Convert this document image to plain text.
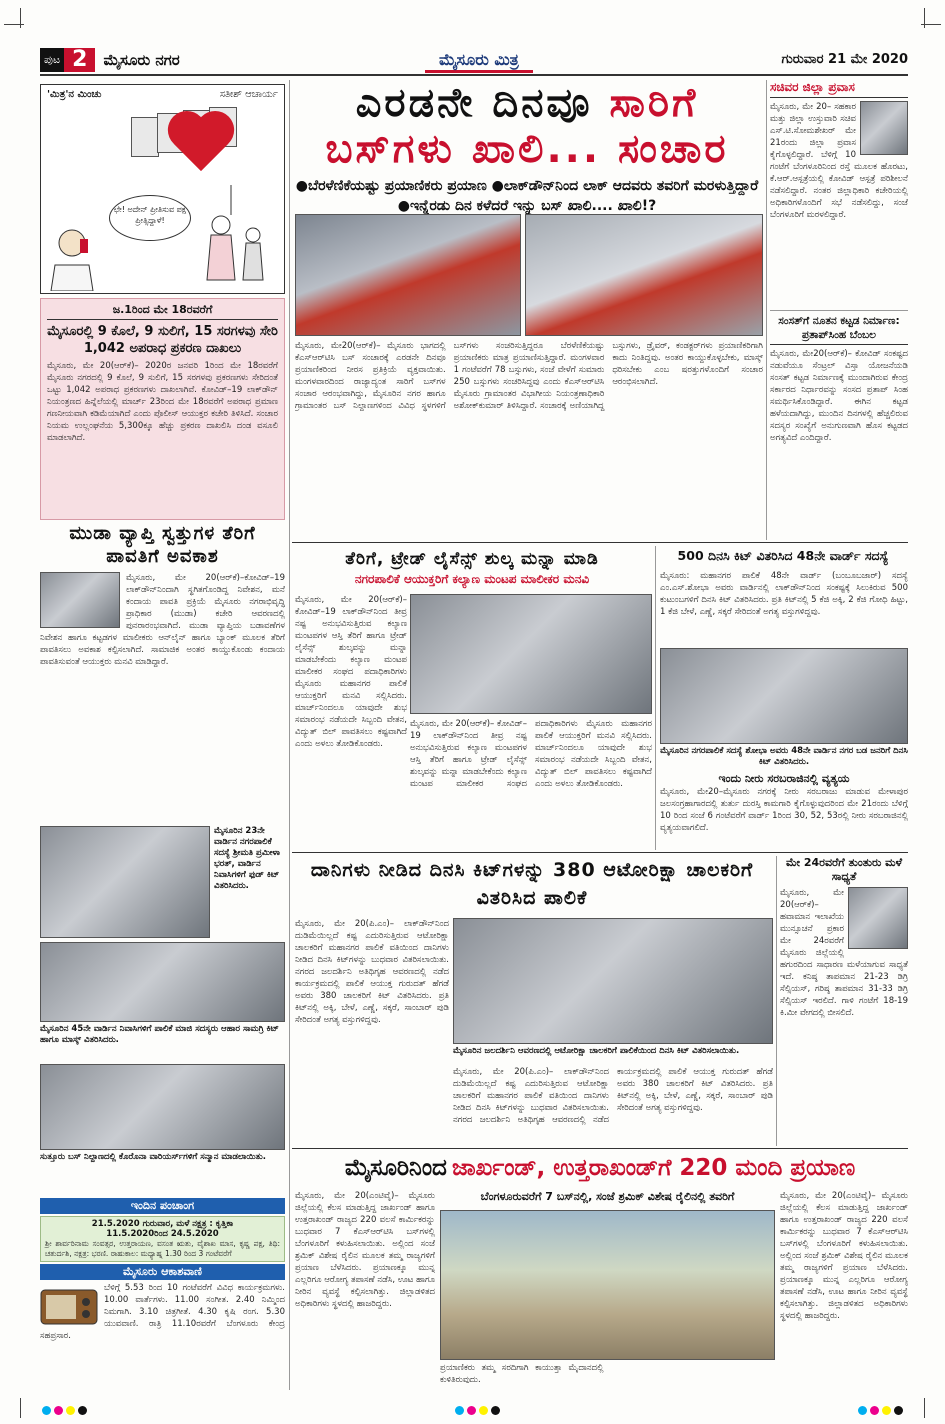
ಪುಟ 2	ಮೈಸೂರು ನಗರ	ಮೈಸೂರು ಮಿತ್ರ	ಗುರುವಾರ 21 ಮೇ 2020
'ಮಿತ್ರ'ನ ಮಿಂಚು	ಸತೀಶ್ ಆಚಾರ್ಯ
ಛೇ! ಅದೇನ್ ಪ್ರೀತಿಸುವ ಪಕ್ಷ ಪ್ರೀತ್ಸಿದ್ದಾಳೆ!
ಜ.1ರಿಂದ ಮೇ 18ರವರೆಗೆ
ಮೈಸೂರಲ್ಲಿ 9 ಕೊಲೆ, 9 ಸುಲಿಗೆ, 15 ಸರಗಳವು ಸೇರಿ 1,042 ಅಪರಾಧ ಪ್ರಕರಣ ದಾಖಲು
ಮೈಸೂರು, ಮೇ 20(ಆರ್‌ಕೆ)– 2020ರ ಜನವರಿ 1ರಿಂದ ಮೇ 18ರವರೆಗೆ ಮೈಸೂರು ನಗರದಲ್ಲಿ 9 ಕೊಲೆ, 9 ಸುಲಿಗೆ, 15 ಸರಗಳವು ಪ್ರಕರಣಗಳು ಸೇರಿದಂತೆ ಒಟ್ಟು 1,042 ಅಪರಾಧ ಪ್ರಕರಣಗಳು ದಾಖಲಾಗಿವೆ. ಕೋವಿಡ್–19 ಲಾಕ್‌ಡೌನ್ ನಿಯಂತ್ರಣದ ಹಿನ್ನೆಲೆಯಲ್ಲಿ ಮಾರ್ಚ್ 23ರಿಂದ ಮೇ 18ರವರೆಗೆ ಅಪರಾಧ ಪ್ರಮಾಣ ಗಣನೀಯವಾಗಿ ಕಡಿಮೆಯಾಗಿದೆ ಎಂದು ಪೊಲೀಸ್ ಆಯುಕ್ತರ ಕಚೇರಿ ತಿಳಿಸಿದೆ. ಸಂಚಾರ ನಿಯಮ ಉಲ್ಲಂಘನೆಯ 5,300ಕ್ಕೂ ಹೆಚ್ಚು ಪ್ರಕರಣ ದಾಖಲಿಸಿ ದಂಡ ವಸೂಲಿ ಮಾಡಲಾಗಿದೆ.
ಮುಡಾ ವ್ಯಾಪ್ತಿ ಸ್ವತ್ತುಗಳ ತೆರಿಗೆ ಪಾವತಿಗೆ ಅವಕಾಶ
ಮೈಸೂರು, ಮೇ 20(ಆರ್‌ಕೆ)–ಕೋವಿಡ್–19 ಲಾಕ್‌ಡೌನ್‌ನಿಂದಾಗಿ ಸ್ಥಗಿತಗೊಂಡಿದ್ದ ನಿವೇಶನ, ಮನೆ ಕಂದಾಯ ಪಾವತಿ ಪ್ರಕ್ರಿಯೆ ಮೈಸೂರು ನಗರಾಭಿವೃದ್ಧಿ ಪ್ರಾಧಿಕಾರ (ಮುಡಾ) ಕಚೇರಿ ಆವರಣದಲ್ಲಿ ಪುನರಾರಂಭವಾಗಿದೆ. ಮುಡಾ ವ್ಯಾಪ್ತಿಯ ಬಡಾವಣೆಗಳ ನಿವೇಶನ ಹಾಗೂ ಕಟ್ಟಡಗಳ ಮಾಲೀಕರು ಆನ್‌ಲೈನ್ ಹಾಗೂ ಬ್ಯಾಂಕ್ ಮೂಲಕ ತೆರಿಗೆ ಪಾವತಿಸಲು ಅವಕಾಶ ಕಲ್ಪಿಸಲಾಗಿದೆ. ಸಾಮಾಜಿಕ ಅಂತರ ಕಾಯ್ದುಕೊಂಡು ಕಂದಾಯ ಪಾವತಿಸುವಂತೆ ಆಯುಕ್ತರು ಮನವಿ ಮಾಡಿದ್ದಾರೆ.
ಮೈಸೂರಿನ 23ನೇ ವಾರ್ಡಿನ ನಗರಪಾಲಿಕೆ ಸದಸ್ಯೆ ಶ್ರೀಮತಿ ಪ್ರಮೀಳಾ ಭರತ್, ವಾರ್ಡಿನ ನಿವಾಸಿಗಳಿಗೆ ಫುಡ್ ಕಿಟ್ ವಿತರಿಸಿದರು.
ಮೈಸೂರಿನ 45ನೇ ವಾರ್ಡಿನ ನಿವಾಸಿಗಳಿಗೆ ಪಾಲಿಕೆ ಮಾಜಿ ಸದಸ್ಯರು ಆಹಾರ ಸಾಮಗ್ರಿ ಕಿಟ್ ಹಾಗೂ ಮಾಸ್ಕ್ ವಿತರಿಸಿದರು.
ಸುತ್ತೂರು ಬಸ್ ನಿಲ್ದಾಣದಲ್ಲಿ ಕೊರೊನಾ ವಾರಿಯರ್ಸ್‌ಗಳಿಗೆ ಸನ್ಮಾನ ಮಾಡಲಾಯಿತು.
ಇಂದಿನ ಪಂಚಾಂಗ
21.5.2020 ಗುರುವಾರ, ಮಳೆ ನಕ್ಷತ್ರ : ಕೃತ್ತಿಕಾ
11.5.2020ರಿಂದ 24.5.2020
ಶ್ರೀ ಶಾರ್ವರಿನಾಮ ಸಂವತ್ಸರ, ಉತ್ತರಾಯಣ, ವಸಂತ ಋತು, ವೈಶಾಖ ಮಾಸ, ಕೃಷ್ಣ ಪಕ್ಷ, ತಿಥಿ: ಚತುರ್ದಶಿ, ನಕ್ಷತ್ರ: ಭರಣಿ. ರಾಹುಕಾಲ: ಮಧ್ಯಾಹ್ನ 1.30 ರಿಂದ 3 ಗಂಟೆವರೆಗೆ
ಮೈಸೂರು ಆಕಾಶವಾಣಿ
ಬೆಳಿಗ್ಗೆ 5.53 ರಿಂದ 10 ಗಂಟೆವರೆಗೆ ವಿವಿಧ ಕಾರ್ಯಕ್ರಮಗಳು. 10.00 ವಾರ್ತೆಗಳು. 11.00 ಸಂಗೀತ. 2.40 ನಿಮ್ಮಿಂದ ನಿಮಗಾಗಿ. 3.10 ಚಿತ್ರಗೀತೆ. 4.30 ಕೃಷಿ ರಂಗ. 5.30 ಯುವವಾಣಿ. ರಾತ್ರಿ 11.10ರವರೆಗೆ ಬೆಂಗಳೂರು ಕೇಂದ್ರ ಸಹಪ್ರಸಾರ.
ಎರಡನೇ ದಿನವೂ ಸಾರಿಗೆ
ಬಸ್‌ಗಳು ಖಾಲಿ... ಸಂಚಾರ
●ಬೆರಳೆಣಿಕೆಯಷ್ಟು ಪ್ರಯಾಣಿಕರು ಪ್ರಯಾಣ ●ಲಾಕ್‌ಡೌನ್‌ನಿಂದ ಲಾಕ್ ಆದವರು ತವರಿಗೆ ಮರಳುತ್ತಿದ್ದಾರೆ ●ಇನ್ನೆರಡು ದಿನ ಕಳೆದರೆ ಇನ್ನು ಬಸ್ ಖಾಲಿ.... ಖಾಲಿ!?
ಮೈಸೂರು, ಮೇ20(ಆರ್‌ಕೆ)– ಮೈಸೂರು ಭಾಗದಲ್ಲಿ ಕೆಎಸ್‌ಆರ್‌ಟಿಸಿ ಬಸ್ ಸಂಚಾರಕ್ಕೆ ಎರಡನೇ ದಿನವೂ ಪ್ರಯಾಣಿಕರಿಂದ ನೀರಸ ಪ್ರತಿಕ್ರಿಯೆ ವ್ಯಕ್ತವಾಯಿತು. ಮಂಗಳವಾರದಿಂದ ರಾಜ್ಯಾದ್ಯಂತ ಸಾರಿಗೆ ಬಸ್‌ಗಳ ಸಂಚಾರ ಆರಂಭವಾಗಿದ್ದು, ಮೈಸೂರಿನ ನಗರ ಹಾಗೂ ಗ್ರಾಮಾಂತರ ಬಸ್ ನಿಲ್ದಾಣಗಳಿಂದ ವಿವಿಧ ಸ್ಥಳಗಳಿಗೆ ಬಸ್‌ಗಳು ಸಂಚರಿಸುತ್ತಿದ್ದರೂ ಬೆರಳೆಣಿಕೆಯಷ್ಟು ಪ್ರಯಾಣಿಕರು ಮಾತ್ರ ಪ್ರಯಾಣಿಸುತ್ತಿದ್ದಾರೆ. ಮಂಗಳವಾರ 1 ಗಂಟೆವರೆಗೆ 78 ಬಸ್ಸುಗಳು, ಸಂಜೆ ವೇಳೆಗೆ ಸುಮಾರು 250 ಬಸ್ಸುಗಳು ಸಂಚರಿಸಿದ್ದವು ಎಂದು ಕೆಎಸ್‌ಆರ್‌ಟಿಸಿ ಮೈಸೂರು ಗ್ರಾಮಾಂತರ ವಿಭಾಗೀಯ ನಿಯಂತ್ರಣಾಧಿಕಾರಿ ಅಶೋಕ್‌ಕುಮಾರ್ ತಿಳಿಸಿದ್ದಾರೆ. ಸಂಚಾರಕ್ಕೆ ಅಣಿಯಾಗಿದ್ದ ಬಸ್ಸುಗಳು, ಡ್ರೈವರ್, ಕಂಡಕ್ಟರ್‌ಗಳು ಪ್ರಯಾಣಿಕರಿಗಾಗಿ ಕಾದು ನಿಂತಿದ್ದವು. ಅಂತರ ಕಾಯ್ದುಕೊಳ್ಳಬೇಕು, ಮಾಸ್ಕ್ ಧರಿಸಬೇಕು ಎಂಬ ಷರತ್ತುಗಳೊಂದಿಗೆ ಸಂಚಾರ ಆರಂಭಿಸಲಾಗಿದೆ.
ಸಚಿವರ ಜಿಲ್ಲಾ ಪ್ರವಾಸ
ಮೈಸೂರು, ಮೇ 20– ಸಹಕಾರ ಮತ್ತು ಜಿಲ್ಲಾ ಉಸ್ತುವಾರಿ ಸಚಿವ ಎಸ್.ಟಿ.ಸೋಮಶೇಖರ್ ಮೇ 21ರಂದು ಜಿಲ್ಲಾ ಪ್ರವಾಸ ಕೈಗೊಳ್ಳಲಿದ್ದಾರೆ. ಬೆಳಿಗ್ಗೆ 10 ಗಂಟೆಗೆ ಬೆಂಗಳೂರಿನಿಂದ ರಸ್ತೆ ಮೂಲಕ ಹೊರಟು, ಕೆ.ಆರ್.ಆಸ್ಪತ್ರೆಯಲ್ಲಿ ಕೋವಿಡ್ ಆಸ್ಪತ್ರೆ ಪರಿಶೀಲನೆ ನಡೆಸಲಿದ್ದಾರೆ. ನಂತರ ಜಿಲ್ಲಾಧಿಕಾರಿ ಕಚೇರಿಯಲ್ಲಿ ಅಧಿಕಾರಿಗಳೊಂದಿಗೆ ಸಭೆ ನಡೆಸಲಿದ್ದು, ಸಂಜೆ ಬೆಂಗಳೂರಿಗೆ ಮರಳಲಿದ್ದಾರೆ.
ಸಂಸತ್‌ಗೆ ನೂತನ ಕಟ್ಟಡ ನಿರ್ಮಾಣ: ಪ್ರತಾಪ್‌ಸಿಂಹ ಬೆಂಬಲ
ಮೈಸೂರು, ಮೇ20(ಆರ್‌ಕೆ)– ಕೋವಿಡ್ ಸಂಕಷ್ಟದ ನಡುವೆಯೂ ಸೆಂಟ್ರಲ್ ವಿಸ್ತಾ ಯೋಜನೆಯಡಿ ಸಂಸತ್ ಕಟ್ಟಡ ನಿರ್ಮಾಣಕ್ಕೆ ಮುಂದಾಗಿರುವ ಕೇಂದ್ರ ಸರ್ಕಾರದ ನಿರ್ಧಾರವನ್ನು ಸಂಸದ ಪ್ರತಾಪ್ ಸಿಂಹ ಸಮರ್ಥಿಸಿಕೊಂಡಿದ್ದಾರೆ. ಈಗಿನ ಕಟ್ಟಡ ಹಳೆಯದಾಗಿದ್ದು, ಮುಂದಿನ ದಿನಗಳಲ್ಲಿ ಹೆಚ್ಚಲಿರುವ ಸದಸ್ಯರ ಸಂಖ್ಯೆಗೆ ಅನುಗುಣವಾಗಿ ಹೊಸ ಕಟ್ಟಡದ ಅಗತ್ಯವಿದೆ ಎಂದಿದ್ದಾರೆ.
ತೆರಿಗೆ, ಟ್ರೇಡ್ ಲೈಸೆನ್ಸ್ ಶುಲ್ಕ ಮನ್ನಾ ಮಾಡಿ
ನಗರಪಾಲಿಕೆ ಆಯುಕ್ತರಿಗೆ ಕಲ್ಯಾಣ ಮಂಟಪ ಮಾಲೀಕರ ಮನವಿ
ಮೈಸೂರು, ಮೇ 20(ಆರ್‌ಕೆ)– ಕೋವಿಡ್–19 ಲಾಕ್‌ಡೌನ್‌ನಿಂದ ತೀವ್ರ ನಷ್ಟ ಅನುಭವಿಸುತ್ತಿರುವ ಕಲ್ಯಾಣ ಮಂಟಪಗಳ ಆಸ್ತಿ ತೆರಿಗೆ ಹಾಗೂ ಟ್ರೇಡ್ ಲೈಸೆನ್ಸ್ ಶುಲ್ಕವನ್ನು ಮನ್ನಾ ಮಾಡಬೇಕೆಂದು ಕಲ್ಯಾಣ ಮಂಟಪ ಮಾಲೀಕರ ಸಂಘದ ಪದಾಧಿಕಾರಿಗಳು ಮೈಸೂರು ಮಹಾನಗರ ಪಾಲಿಕೆ ಆಯುಕ್ತರಿಗೆ ಮನವಿ ಸಲ್ಲಿಸಿದರು. ಮಾರ್ಚ್‌ನಿಂದಲೂ ಯಾವುದೇ ಶುಭ ಸಮಾರಂಭ ನಡೆಯದೇ ಸಿಬ್ಬಂದಿ ವೇತನ, ವಿದ್ಯುತ್ ಬಿಲ್ ಪಾವತಿಸಲು ಕಷ್ಟವಾಗಿದೆ ಎಂದು ಅಳಲು ತೋಡಿಕೊಂಡರು.
ಮೈಸೂರು, ಮೇ 20(ಆರ್‌ಕೆ)– ಕೋವಿಡ್–19 ಲಾಕ್‌ಡೌನ್‌ನಿಂದ ತೀವ್ರ ನಷ್ಟ ಅನುಭವಿಸುತ್ತಿರುವ ಕಲ್ಯಾಣ ಮಂಟಪಗಳ ಆಸ್ತಿ ತೆರಿಗೆ ಹಾಗೂ ಟ್ರೇಡ್ ಲೈಸೆನ್ಸ್ ಶುಲ್ಕವನ್ನು ಮನ್ನಾ ಮಾಡಬೇಕೆಂದು ಕಲ್ಯಾಣ ಮಂಟಪ ಮಾಲೀಕರ ಸಂಘದ ಪದಾಧಿಕಾರಿಗಳು ಮೈಸೂರು ಮಹಾನಗರ ಪಾಲಿಕೆ ಆಯುಕ್ತರಿಗೆ ಮನವಿ ಸಲ್ಲಿಸಿದರು. ಮಾರ್ಚ್‌ನಿಂದಲೂ ಯಾವುದೇ ಶುಭ ಸಮಾರಂಭ ನಡೆಯದೇ ಸಿಬ್ಬಂದಿ ವೇತನ, ವಿದ್ಯುತ್ ಬಿಲ್ ಪಾವತಿಸಲು ಕಷ್ಟವಾಗಿದೆ ಎಂದು ಅಳಲು ತೋಡಿಕೊಂಡರು.
500 ದಿನಸಿ ಕಿಟ್ ವಿತರಿಸಿದ 48ನೇ ವಾರ್ಡ್ ಸದಸ್ಯೆ
ಮೈಸೂರು: ಮಹಾನಗರ ಪಾಲಿಕೆ 48ನೇ ವಾರ್ಡ್ (ಬಂಬೂಬಜಾರ್) ಸದಸ್ಯೆ ಎಂ.ಎಸ್.ಶೋಭಾ ಅವರು ವಾರ್ಡಿನಲ್ಲಿ ಲಾಕ್‌ಡೌನ್‌ನಿಂದ ಸಂಕಷ್ಟಕ್ಕೆ ಸಿಲುಕಿರುವ 500 ಕುಟುಂಬಗಳಿಗೆ ದಿನಸಿ ಕಿಟ್ ವಿತರಿಸಿದರು. ಪ್ರತಿ ಕಿಟ್‌ನಲ್ಲಿ 5 ಕೆಜಿ ಅಕ್ಕಿ, 2 ಕೆಜಿ ಗೋಧಿ ಹಿಟ್ಟು, 1 ಕೆಜಿ ಬೇಳೆ, ಎಣ್ಣೆ, ಸಕ್ಕರೆ ಸೇರಿದಂತೆ ಅಗತ್ಯ ವಸ್ತುಗಳಿದ್ದವು.
ಮೈಸೂರಿನ ನಗರಪಾಲಿಕೆ ಸದಸ್ಯೆ ಶೋಭಾ ಅವರು 48ನೇ ವಾರ್ಡಿನ ನಗರ ಬಡ ಜನರಿಗೆ ದಿನಸಿ ಕಿಟ್ ವಿತರಿಸಿದರು.
ಇಂದು ನೀರು ಸರಬರಾಜಿನಲ್ಲಿ ವ್ಯತ್ಯಯ
ಮೈಸೂರು, ಮೇ20–ಮೈಸೂರು ನಗರಕ್ಕೆ ನೀರು ಸರಬರಾಜು ಮಾಡುವ ಮೇಳಾಪುರ ಜಲಸಂಗ್ರಹಾಗಾರದಲ್ಲಿ ತುರ್ತು ದುರಸ್ತಿ ಕಾಮಗಾರಿ ಕೈಗೊಳ್ಳುವುದರಿಂದ ಮೇ 21ರಂದು ಬೆಳಿಗ್ಗೆ 10 ರಿಂದ ಸಂಜೆ 6 ಗಂಟೆವರೆಗೆ ವಾರ್ಡ್ 1ರಿಂದ 30, 52, 53ರಲ್ಲಿ ನೀರು ಸರಬರಾಜಿನಲ್ಲಿ ವ್ಯತ್ಯಯವಾಗಲಿದೆ.
ದಾನಿಗಳು ನೀಡಿದ ದಿನಸಿ ಕಿಟ್‌ಗಳನ್ನು 380 ಆಟೋರಿಕ್ಷಾ ಚಾಲಕರಿಗೆ ವಿತರಿಸಿದ ಪಾಲಿಕೆ
ಮೈಸೂರು, ಮೇ 20(ಪಿ.ಎಂ)– ಲಾಕ್‌ಡೌನ್‌ನಿಂದ ದುಡಿಮೆಯಿಲ್ಲದೆ ಕಷ್ಟ ಎದುರಿಸುತ್ತಿರುವ ಆಟೋರಿಕ್ಷಾ ಚಾಲಕರಿಗೆ ಮಹಾನಗರ ಪಾಲಿಕೆ ವತಿಯಿಂದ ದಾನಿಗಳು ನೀಡಿದ ದಿನಸಿ ಕಿಟ್‌ಗಳನ್ನು ಬುಧವಾರ ವಿತರಿಸಲಾಯಿತು. ನಗರದ ಜಲದರ್ಶಿನಿ ಅತಿಥಿಗೃಹ ಆವರಣದಲ್ಲಿ ನಡೆದ ಕಾರ್ಯಕ್ರಮದಲ್ಲಿ ಪಾಲಿಕೆ ಆಯುಕ್ತ ಗುರುದತ್ ಹೆಗಡೆ ಅವರು 380 ಚಾಲಕರಿಗೆ ಕಿಟ್ ವಿತರಿಸಿದರು. ಪ್ರತಿ ಕಿಟ್‌ನಲ್ಲಿ ಅಕ್ಕಿ, ಬೇಳೆ, ಎಣ್ಣೆ, ಸಕ್ಕರೆ, ಸಾಂಬಾರ್ ಪುಡಿ ಸೇರಿದಂತೆ ಅಗತ್ಯ ವಸ್ತುಗಳಿದ್ದವು.
ಮೈಸೂರಿನ ಜಲದರ್ಶಿನಿ ಆವರಣದಲ್ಲಿ ಆಟೋರಿಕ್ಷಾ ಚಾಲಕರಿಗೆ ಪಾಲಿಕೆಯಿಂದ ದಿನಸಿ ಕಿಟ್ ವಿತರಿಸಲಾಯಿತು.
ಮೈಸೂರು, ಮೇ 20(ಪಿ.ಎಂ)– ಲಾಕ್‌ಡೌನ್‌ನಿಂದ ದುಡಿಮೆಯಿಲ್ಲದೆ ಕಷ್ಟ ಎದುರಿಸುತ್ತಿರುವ ಆಟೋರಿಕ್ಷಾ ಚಾಲಕರಿಗೆ ಮಹಾನಗರ ಪಾಲಿಕೆ ವತಿಯಿಂದ ದಾನಿಗಳು ನೀಡಿದ ದಿನಸಿ ಕಿಟ್‌ಗಳನ್ನು ಬುಧವಾರ ವಿತರಿಸಲಾಯಿತು. ನಗರದ ಜಲದರ್ಶಿನಿ ಅತಿಥಿಗೃಹ ಆವರಣದಲ್ಲಿ ನಡೆದ ಕಾರ್ಯಕ್ರಮದಲ್ಲಿ ಪಾಲಿಕೆ ಆಯುಕ್ತ ಗುರುದತ್ ಹೆಗಡೆ ಅವರು 380 ಚಾಲಕರಿಗೆ ಕಿಟ್ ವಿತರಿಸಿದರು. ಪ್ರತಿ ಕಿಟ್‌ನಲ್ಲಿ ಅಕ್ಕಿ, ಬೇಳೆ, ಎಣ್ಣೆ, ಸಕ್ಕರೆ, ಸಾಂಬಾರ್ ಪುಡಿ ಸೇರಿದಂತೆ ಅಗತ್ಯ ವಸ್ತುಗಳಿದ್ದವು.
ಮೇ 24ರವರೆಗೆ ತುಂತುರು ಮಳೆ ಸಾಧ್ಯತೆ
ಮೈಸೂರು, ಮೇ 20(ಆರ್‌ಕೆ)– ಹವಾಮಾನ ಇಲಾಖೆಯ ಮುನ್ಸೂಚನೆ ಪ್ರಕಾರ ಮೇ 24ರವರೆಗೆ ಮೈಸೂರು ಜಿಲ್ಲೆಯಲ್ಲಿ ಹಗುರದಿಂದ ಸಾಧಾರಣ ಮಳೆಯಾಗುವ ಸಾಧ್ಯತೆ ಇದೆ. ಕನಿಷ್ಠ ತಾಪಮಾನ 21-23 ಡಿಗ್ರಿ ಸೆಲ್ಸಿಯಸ್, ಗರಿಷ್ಠ ತಾಪಮಾನ 31-33 ಡಿಗ್ರಿ ಸೆಲ್ಸಿಯಸ್ ಇರಲಿದೆ. ಗಾಳಿ ಗಂಟೆಗೆ 18-19 ಕಿ.ಮೀ ವೇಗದಲ್ಲಿ ಬೀಸಲಿದೆ.
ಮೈಸೂರಿನಿಂದ ಜಾರ್ಖಂಡ್, ಉತ್ತರಾಖಂಡ್‌ಗೆ 220 ಮಂದಿ ಪ್ರಯಾಣ
ಮೈಸೂರು, ಮೇ 20(ಎಂಟಿವೈ)– ಮೈಸೂರು ಜಿಲ್ಲೆಯಲ್ಲಿ ಕೆಲಸ ಮಾಡುತ್ತಿದ್ದ ಜಾರ್ಖಂಡ್ ಹಾಗೂ ಉತ್ತರಾಖಂಡ್ ರಾಜ್ಯದ 220 ವಲಸೆ ಕಾರ್ಮಿಕರನ್ನು ಬುಧವಾರ 7 ಕೆಎಸ್‌ಆರ್‌ಟಿಸಿ ಬಸ್‌ಗಳಲ್ಲಿ ಬೆಂಗಳೂರಿಗೆ ಕಳುಹಿಸಲಾಯಿತು. ಅಲ್ಲಿಂದ ಸಂಜೆ ಶ್ರಮಿಕ್ ವಿಶೇಷ ರೈಲಿನ ಮೂಲಕ ತಮ್ಮ ರಾಜ್ಯಗಳಿಗೆ ಪ್ರಯಾಣ ಬೆಳೆಸಿದರು. ಪ್ರಯಾಣಕ್ಕೂ ಮುನ್ನ ಎಲ್ಲರಿಗೂ ಆರೋಗ್ಯ ತಪಾಸಣೆ ನಡೆಸಿ, ಊಟ ಹಾಗೂ ನೀರಿನ ವ್ಯವಸ್ಥೆ ಕಲ್ಪಿಸಲಾಗಿತ್ತು. ಜಿಲ್ಲಾಡಳಿತದ ಅಧಿಕಾರಿಗಳು ಸ್ಥಳದಲ್ಲಿ ಹಾಜರಿದ್ದರು.
ಬೆಂಗಳೂರುವರೆಗೆ 7 ಬಸ್‌ನಲ್ಲಿ, ಸಂಜೆ ಶ್ರಮಿಕ್ ವಿಶೇಷ ರೈಲಿನಲ್ಲಿ ತವರಿಗೆ
ಪ್ರಯಾಣಿಕರು ತಮ್ಮ ಸರದಿಗಾಗಿ ಕಾಯುತ್ತಾ ಮೈದಾನದಲ್ಲಿ ಕುಳಿತಿರುವುದು.
ಮೈಸೂರು, ಮೇ 20(ಎಂಟಿವೈ)– ಮೈಸೂರು ಜಿಲ್ಲೆಯಲ್ಲಿ ಕೆಲಸ ಮಾಡುತ್ತಿದ್ದ ಜಾರ್ಖಂಡ್ ಹಾಗೂ ಉತ್ತರಾಖಂಡ್ ರಾಜ್ಯದ 220 ವಲಸೆ ಕಾರ್ಮಿಕರನ್ನು ಬುಧವಾರ 7 ಕೆಎಸ್‌ಆರ್‌ಟಿಸಿ ಬಸ್‌ಗಳಲ್ಲಿ ಬೆಂಗಳೂರಿಗೆ ಕಳುಹಿಸಲಾಯಿತು. ಅಲ್ಲಿಂದ ಸಂಜೆ ಶ್ರಮಿಕ್ ವಿಶೇಷ ರೈಲಿನ ಮೂಲಕ ತಮ್ಮ ರಾಜ್ಯಗಳಿಗೆ ಪ್ರಯಾಣ ಬೆಳೆಸಿದರು. ಪ್ರಯಾಣಕ್ಕೂ ಮುನ್ನ ಎಲ್ಲರಿಗೂ ಆರೋಗ್ಯ ತಪಾಸಣೆ ನಡೆಸಿ, ಊಟ ಹಾಗೂ ನೀರಿನ ವ್ಯವಸ್ಥೆ ಕಲ್ಪಿಸಲಾಗಿತ್ತು. ಜಿಲ್ಲಾಡಳಿತದ ಅಧಿಕಾರಿಗಳು ಸ್ಥಳದಲ್ಲಿ ಹಾಜರಿದ್ದರು.
